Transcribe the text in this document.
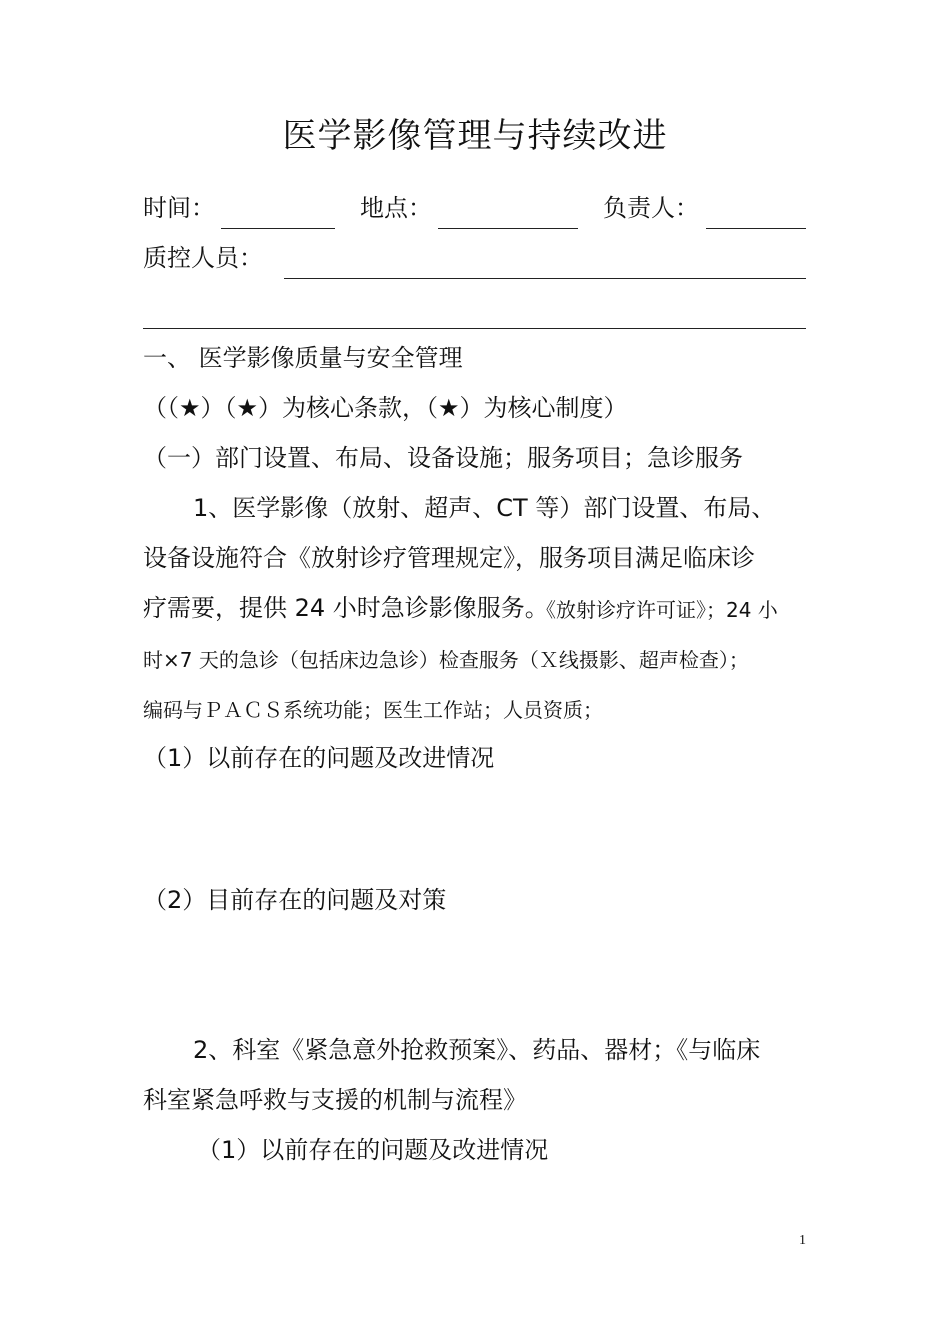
医学影像管理与持续改进
时间：	地点：	负责人：
质控人员：
一、 医学影像质量与安全管理
（（★）（★）为核心条款，（★）为核心制度）
（一）部门设置、布局、设备设施；服务项目；急诊服务
1、医学影像（放射、超声、CT 等）部门设置、布局、
设备设施符合《放射诊疗管理规定》，服务项目满足临床诊
疗需要，提供 24 小时急诊影像服务。
《放射诊疗许可证》；24 小
时×7 天的急诊（包括床边急诊）检查服务（Ｘ线摄影、超声检查）；
编码与ＰＡＣＳ系统功能；医生工作站；人员资质；
（1）以前存在的问题及改进情况
（2）目前存在的问题及对策
2、科室《紧急意外抢救预案》、药品、器材；《与临床
科室紧急呼救与支援的机制与流程》
（1）以前存在的问题及改进情况
1
